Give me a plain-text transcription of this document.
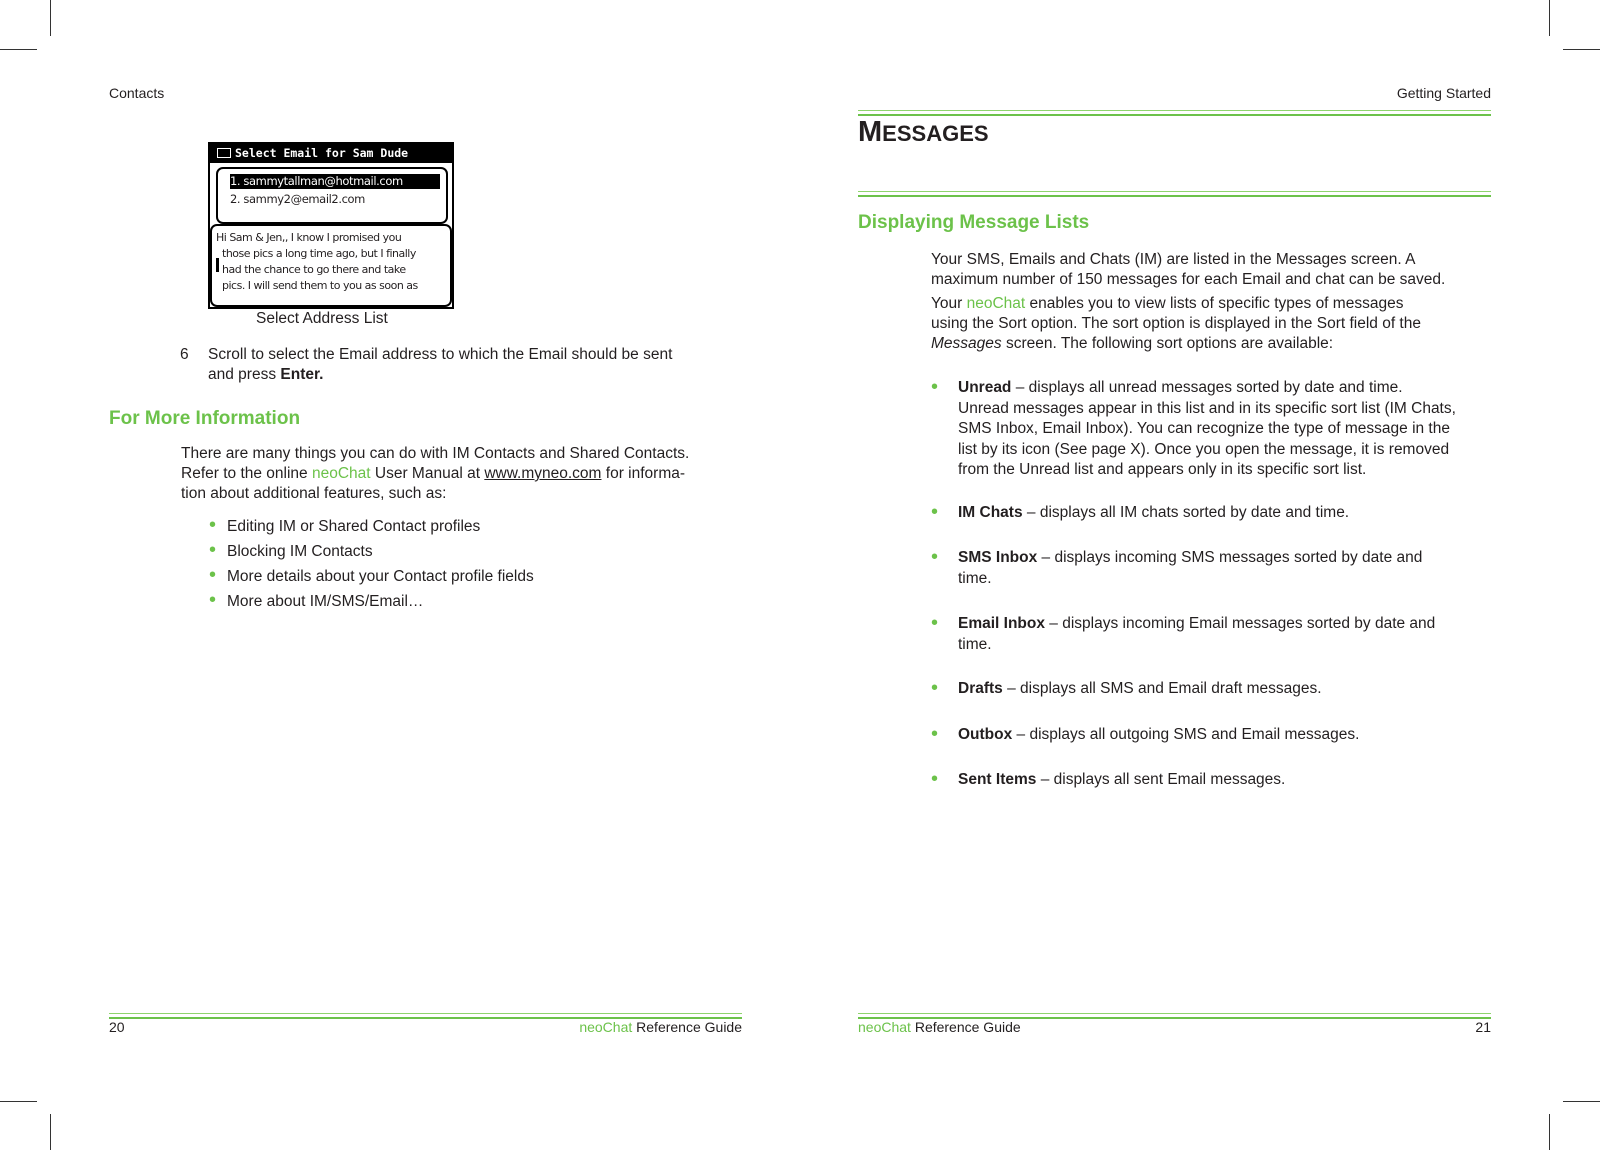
Contacts
Select Email for Sam Dude
1. sammytallman@hotmail.com
2. sammy2@email2.com
Hi Sam & Jen,, I know I promised you
those pics a long time ago, but I finally
had the chance to go there and take
pics. I will send them to you as soon as
Select Address List
6 Scroll to select the Email address to which the Email should be sent
and press Enter.
For More Information
There are many things you can do with IM Contacts and Shared Contacts.
Refer to the online neoChat User Manual at www.myneo.com for informa-
tion about additional features, such as:
• Editing IM or Shared Contact profiles
• Blocking IM Contacts
• More details about your Contact profile fields
• More about IM/SMS/Email…
20	neoChat Reference Guide
Getting Started
MESSAGES
Displaying Message Lists
Your SMS, Emails and Chats (IM) are listed in the Messages screen. A
maximum number of 150 messages for each Email and chat can be saved.
Your neoChat enables you to view lists of specific types of messages
using the Sort option. The sort option is displayed in the Sort field of the
Messages screen. The following sort options are available:
• Unread – displays all unread messages sorted by date and time.
Unread messages appear in this list and in its specific sort list (IM Chats,
SMS Inbox, Email Inbox). You can recognize the type of message in the
list by its icon (See page X). Once you open the message, it is removed
from the Unread list and appears only in its specific sort list.
• IM Chats – displays all IM chats sorted by date and time.
• SMS Inbox – displays incoming SMS messages sorted by date and
time.
• Email Inbox – displays incoming Email messages sorted by date and
time.
• Drafts – displays all SMS and Email draft messages.
• Outbox – displays all outgoing SMS and Email messages.
• Sent Items – displays all sent Email messages.
neoChat Reference Guide	21
